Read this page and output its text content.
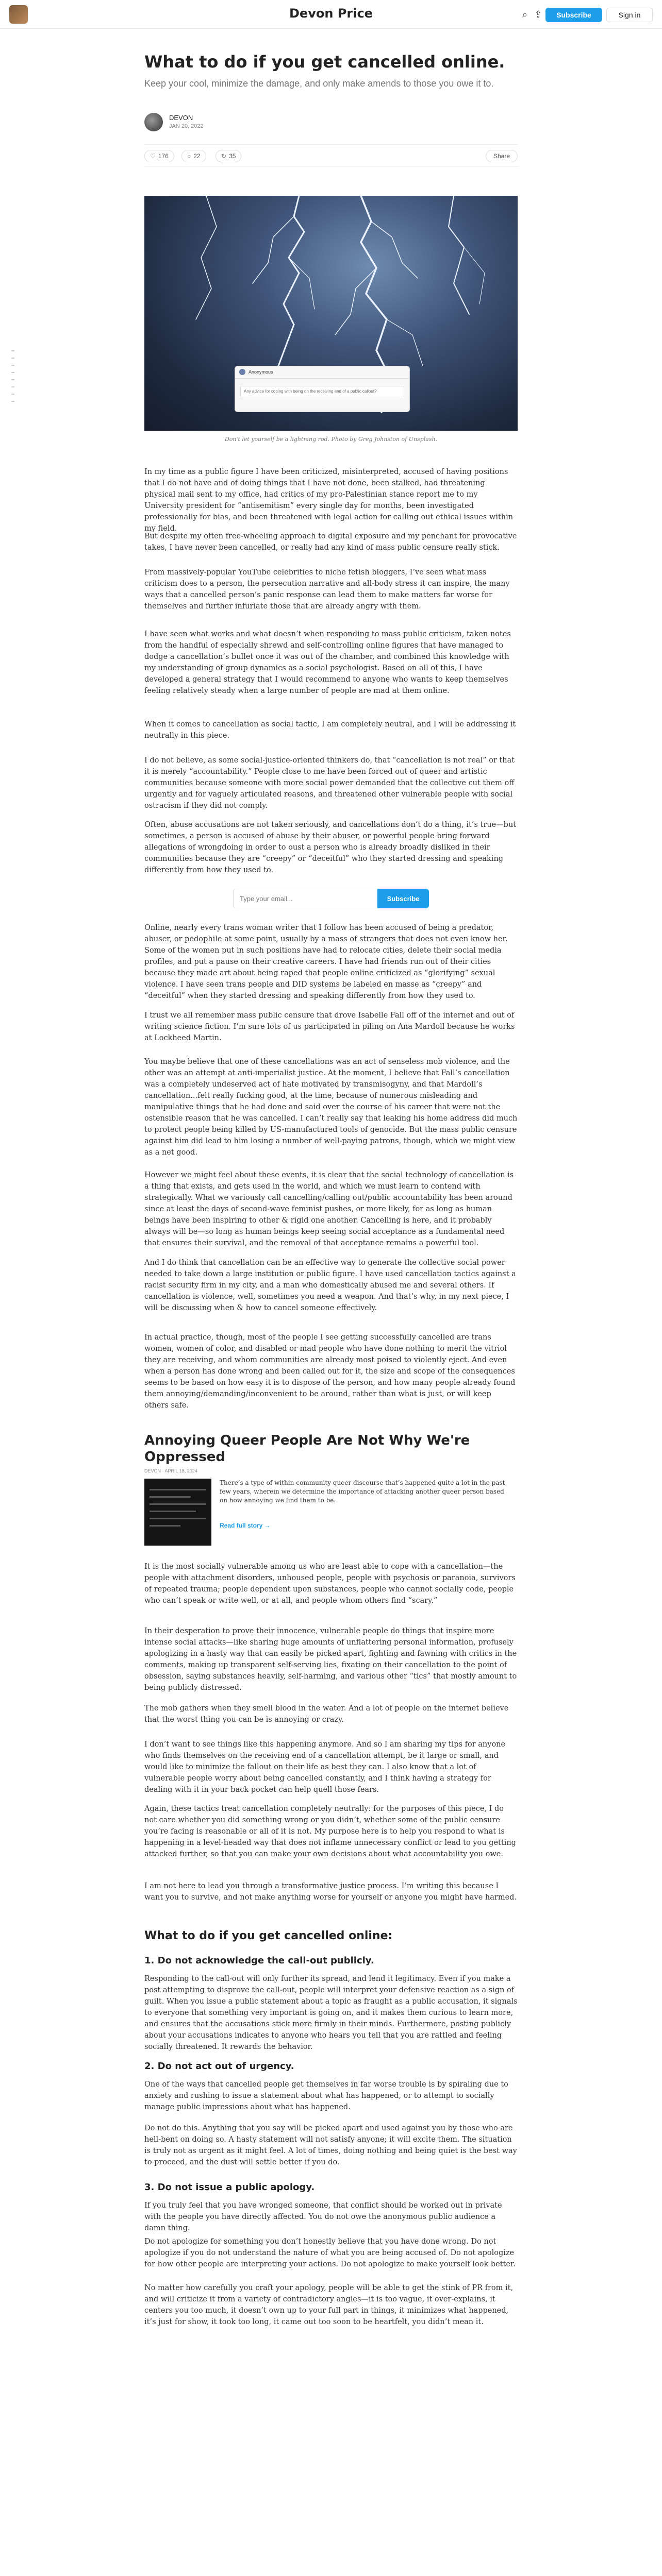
Devon Price	⌕ ⇪	Subscribe	Sign in
What to do if you get cancelled online.
Keep your cool, minimize the damage, and only make amends to those you owe it to.
DEVON
JAN 20, 2022
♡ 176	○ 22	↻ 35	Share
Anonymous
Any advice for coping with being on the receiving end of a public callout?
Don't let yourself be a lightning rod. Photo by Greg Johnston of Unsplash.

In my time as a public figure I have been criticized, misinterpreted, accused of having positions that I do not have and of doing things that I have not done, been stalked, had threatening physical mail sent to my office, had critics of my pro-Palestinian stance report me to my University president for “antisemitism” every single day for months, been investigated professionally for bias, and been threatened with legal action for calling out ethical issues within my field.

But despite my often free-wheeling approach to digital exposure and my penchant for provocative takes, I have never been cancelled, or really had any kind of mass public censure really stick.

From massively-popular YouTube celebrities to niche fetish bloggers, I’ve seen what mass criticism does to a person, the persecution narrative and all-body stress it can inspire, the many ways that a cancelled person’s panic response can lead them to make matters far worse for themselves and further infuriate those that are already angry with them.

I have seen what works and what doesn’t when responding to mass public criticism, taken notes from the handful of especially shrewd and self-controlling online figures that have managed to dodge a cancellation’s bullet once it was out of the chamber, and combined this knowledge with my understanding of group dynamics as a social psychologist. Based on all of this, I have developed a general strategy that I would recommend to anyone who wants to keep themselves feeling relatively steady when a large number of people are mad at them online.

When it comes to cancellation as social tactic, I am completely neutral, and I will be addressing it neutrally in this piece.

I do not believe, as some social-justice-oriented thinkers do, that “cancellation is not real” or that it is merely “accountability.” People close to me have been forced out of queer and artistic communities because someone with more social power demanded that the collective cut them off urgently and for vaguely articulated reasons, and threatened other vulnerable people with social ostracism if they did not comply.

Often, abuse accusations are not taken seriously, and cancellations don’t do a thing, it’s true—but sometimes, a person is accused of abuse by their abuser, or powerful people bring forward allegations of wrongdoing in order to oust a person who is already broadly disliked in their communities because they are “creepy” or “deceitful” who they started dressing and speaking differently from how they used to.

Type your email...
Subscribe

Online, nearly every trans woman writer that I follow has been accused of being a predator, abuser, or pedophile at some point, usually by a mass of strangers that does not even know her. Some of the women put in such positions have had to relocate cities, delete their social media profiles, and put a pause on their creative careers. I have had friends run out of their cities because they made art about being raped that people online criticized as “glorifying” sexual violence. I have seen trans people and DID systems be labeled en masse as “creepy” and “deceitful” when they started dressing and speaking differently from how they used to.

I trust we all remember mass public censure that drove Isabelle Fall off of the internet and out of writing science fiction. I’m sure lots of us participated in piling on Ana Mardoll because he works at Lockheed Martin.

You maybe believe that one of these cancellations was an act of senseless mob violence, and the other was an attempt at anti-imperialist justice. At the moment, I believe that Fall’s cancellation was a completely undeserved act of hate motivated by transmisogyny, and that Mardoll’s cancellation...felt really fucking good, at the time, because of numerous misleading and manipulative things that he had done and said over the course of his career that were not the ostensible reason that he was cancelled. I can’t really say that leaking his home address did much to protect people being killed by US-manufactured tools of genocide. But the mass public censure against him did lead to him losing a number of well-paying patrons, though, which we might view as a net good.

However we might feel about these events, it is clear that the social technology of cancellation is a thing that exists, and gets used in the world, and which we must learn to contend with strategically. What we variously call cancelling/calling out/public accountability has been around since at least the days of second-wave feminist pushes, or more likely, for as long as human beings have been inspiring to other & rigid one another. Cancelling is here, and it probably always will be—so long as human beings keep seeing social acceptance as a fundamental need that ensures their survival, and the removal of that acceptance remains a powerful tool.

And I do think that cancellation can be an effective way to generate the collective social power needed to take down a large institution or public figure. I have used cancellation tactics against a racist security firm in my city, and a man who domestically abused me and several others. If cancellation is violence, well, sometimes you need a weapon. And that’s why, in my next piece, I will be discussing when & how to cancel someone effectively.

In actual practice, though, most of the people I see getting successfully cancelled are trans women, women of color, and disabled or mad people who have done nothing to merit the vitriol they are receiving, and whom communities are already most poised to violently eject. And even when a person has done wrong and been called out for it, the size and scope of the consequences seems to be based on how easy it is to dispose of the person, and how many people already found them annoying/demanding/inconvenient to be around, rather than what is just, or will keep others safe.

Annoying Queer People Are Not Why We're Oppressed
DEVON · APRIL 18, 2024
There’s a type of within-community queer discourse that’s happened quite a lot in the past few years, wherein we determine the importance of attacking another queer person based on how annoying we find them to be.
Read full story →

It is the most socially vulnerable among us who are least able to cope with a cancellation—the people with attachment disorders, unhoused people, people with psychosis or paranoia, survivors of repeated trauma; people dependent upon substances, people who cannot socially code, people who can’t speak or write well, or at all, and people whom others find “scary.”

In their desperation to prove their innocence, vulnerable people do things that inspire more intense social attacks—like sharing huge amounts of unflattering personal information, profusely apologizing in a hasty way that can easily be picked apart, fighting and fawning with critics in the comments, making up transparent self-serving lies, fixating on their cancellation to the point of obsession, saying substances heavily, self-harming, and various other “tics” that mostly amount to being publicly distressed.

The mob gathers when they smell blood in the water. And a lot of people on the internet believe that the worst thing you can be is annoying or crazy.

I don’t want to see things like this happening anymore. And so I am sharing my tips for anyone who finds themselves on the receiving end of a cancellation attempt, be it large or small, and would like to minimize the fallout on their life as best they can. I also know that a lot of vulnerable people worry about being cancelled constantly, and I think having a strategy for dealing with it in your back pocket can help quell those fears.

Again, these tactics treat cancellation completely neutrally: for the purposes of this piece, I do not care whether you did something wrong or you didn’t, whether some of the public censure you’re facing is reasonable or all of it is not. My purpose here is to help you respond to what is happening in a level-headed way that does not inflame unnecessary conflict or lead to you getting attacked further, so that you can make your own decisions about what accountability you owe.

I am not here to lead you through a transformative justice process. I’m writing this because I want you to survive, and not make anything worse for yourself or anyone you might have harmed.

What to do if you get cancelled online:
1. Do not acknowledge the call-out publicly.

Responding to the call-out will only further its spread, and lend it legitimacy. Even if you make a post attempting to disprove the call-out, people will interpret your defensive reaction as a sign of guilt. When you issue a public statement about a topic as fraught as a public accusation, it signals to everyone that something very important is going on, and it makes them curious to learn more, and ensures that the accusations stick more firmly in their minds. Furthermore, posting publicly about your accusations indicates to anyone who hears you tell that you are rattled and feeling socially threatened. It rewards the behavior.

2. Do not act out of urgency.

One of the ways that cancelled people get themselves in far worse trouble is by spiraling due to anxiety and rushing to issue a statement about what has happened, or to attempt to socially manage public impressions about what has happened.

Do not do this. Anything that you say will be picked apart and used against you by those who are hell-bent on doing so. A hasty statement will not satisfy anyone; it will excite them. The situation is truly not as urgent as it might feel. A lot of times, doing nothing and being quiet is the best way to proceed, and the dust will settle better if you do.

3. Do not issue a public apology.

If you truly feel that you have wronged someone, that conflict should be worked out in private with the people you have directly affected. You do not owe the anonymous public audience a damn thing.

Do not apologize for something you don’t honestly believe that you have done wrong. Do not apologize if you do not understand the nature of what you are being accused of. Do not apologize for how other people are interpreting your actions. Do not apologize to make yourself look better.

No matter how carefully you craft your apology, people will be able to get the stink of PR from it, and will criticize it from a variety of contradictory angles—it is too vague, it over-explains, it centers you too much, it doesn’t own up to your full part in things, it minimizes what happened, it’s just for show, it took too long, it came out too soon to be heartfelt, you didn’t mean it.
